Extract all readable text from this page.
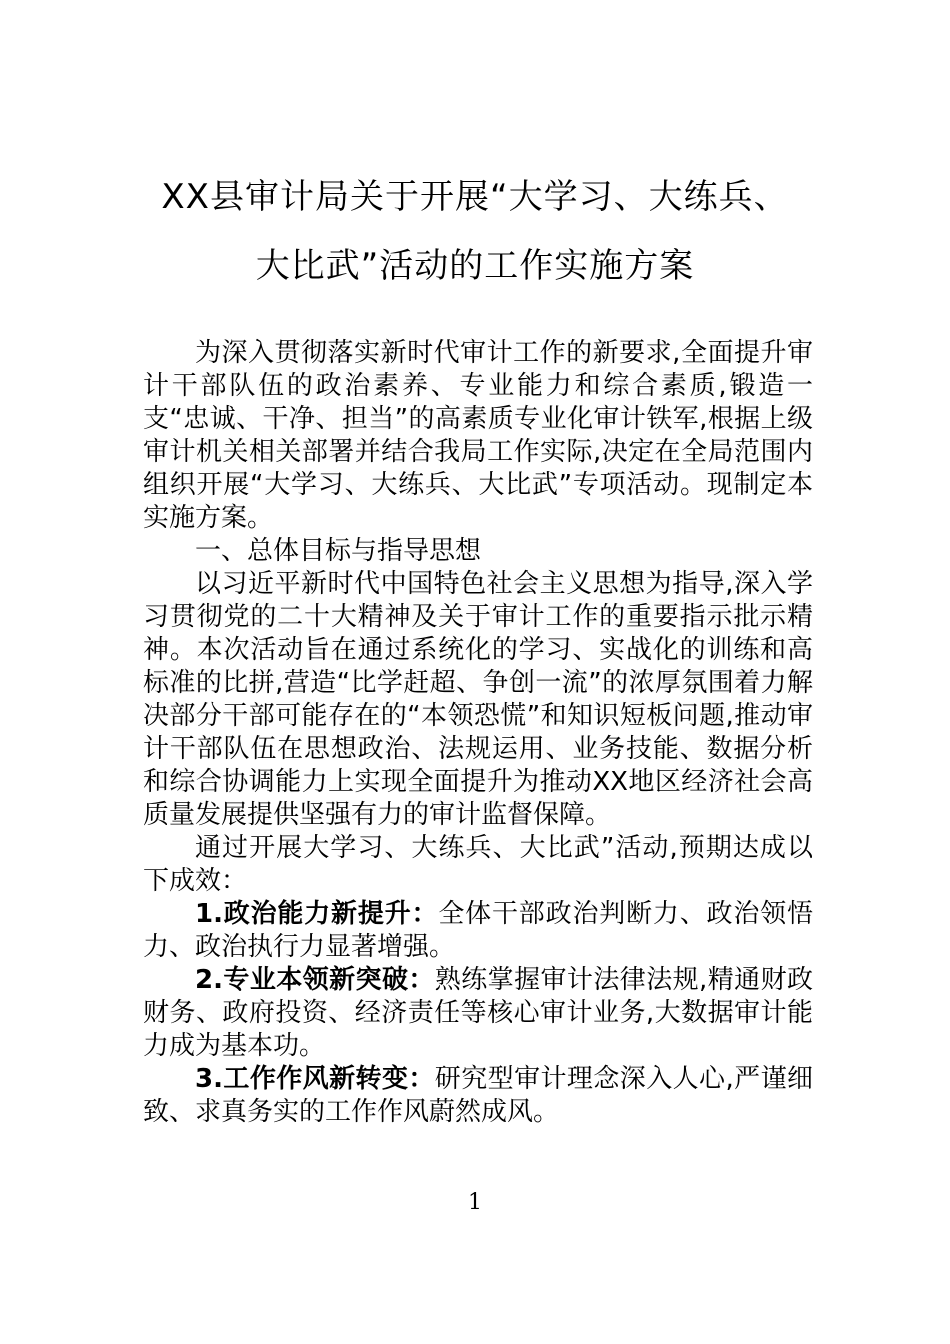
XX县审计局关于开展“大学习、大练兵、
大比武”活动的工作实施方案

为深入贯彻落实新时代审计工作的新要求,全面提升审计干部队伍的政治素养、专业能力和综合素质,锻造一支“忠诚、干净、担当”的高素质专业化审计铁军,根据上级审计机关相关部署并结合我局工作实际,决定在全局范围内组织开展“大学习、大练兵、大比武”专项活动。现制定本实施方案。

一、总体目标与指导思想

以习近平新时代中国特色社会主义思想为指导,深入学习贯彻党的二十大精神及关于审计工作的重要指示批示精神。本次活动旨在通过系统化的学习、实战化的训练和高标准的比拼,营造“比学赶超、争创一流”的浓厚氛围着力解决部分干部可能存在的“本领恐慌”和知识短板问题,推动审计干部队伍在思想政治、法规运用、业务技能、数据分析和综合协调能力上实现全面提升为推动XX地区经济社会高质量发展提供坚强有力的审计监督保障。

通过开展大学习、大练兵、大比武”活动,预期达成以下成效：

1.政治能力新提升：全体干部政治判断力、政治领悟力、政治执行力显著增强。

2.专业本领新突破：熟练掌握审计法律法规,精通财政财务、政府投资、经济责任等核心审计业务,大数据审计能力成为基本功。

3.工作作风新转变：研究型审计理念深入人心,严谨细致、求真务实的工作作风蔚然成风。

1
